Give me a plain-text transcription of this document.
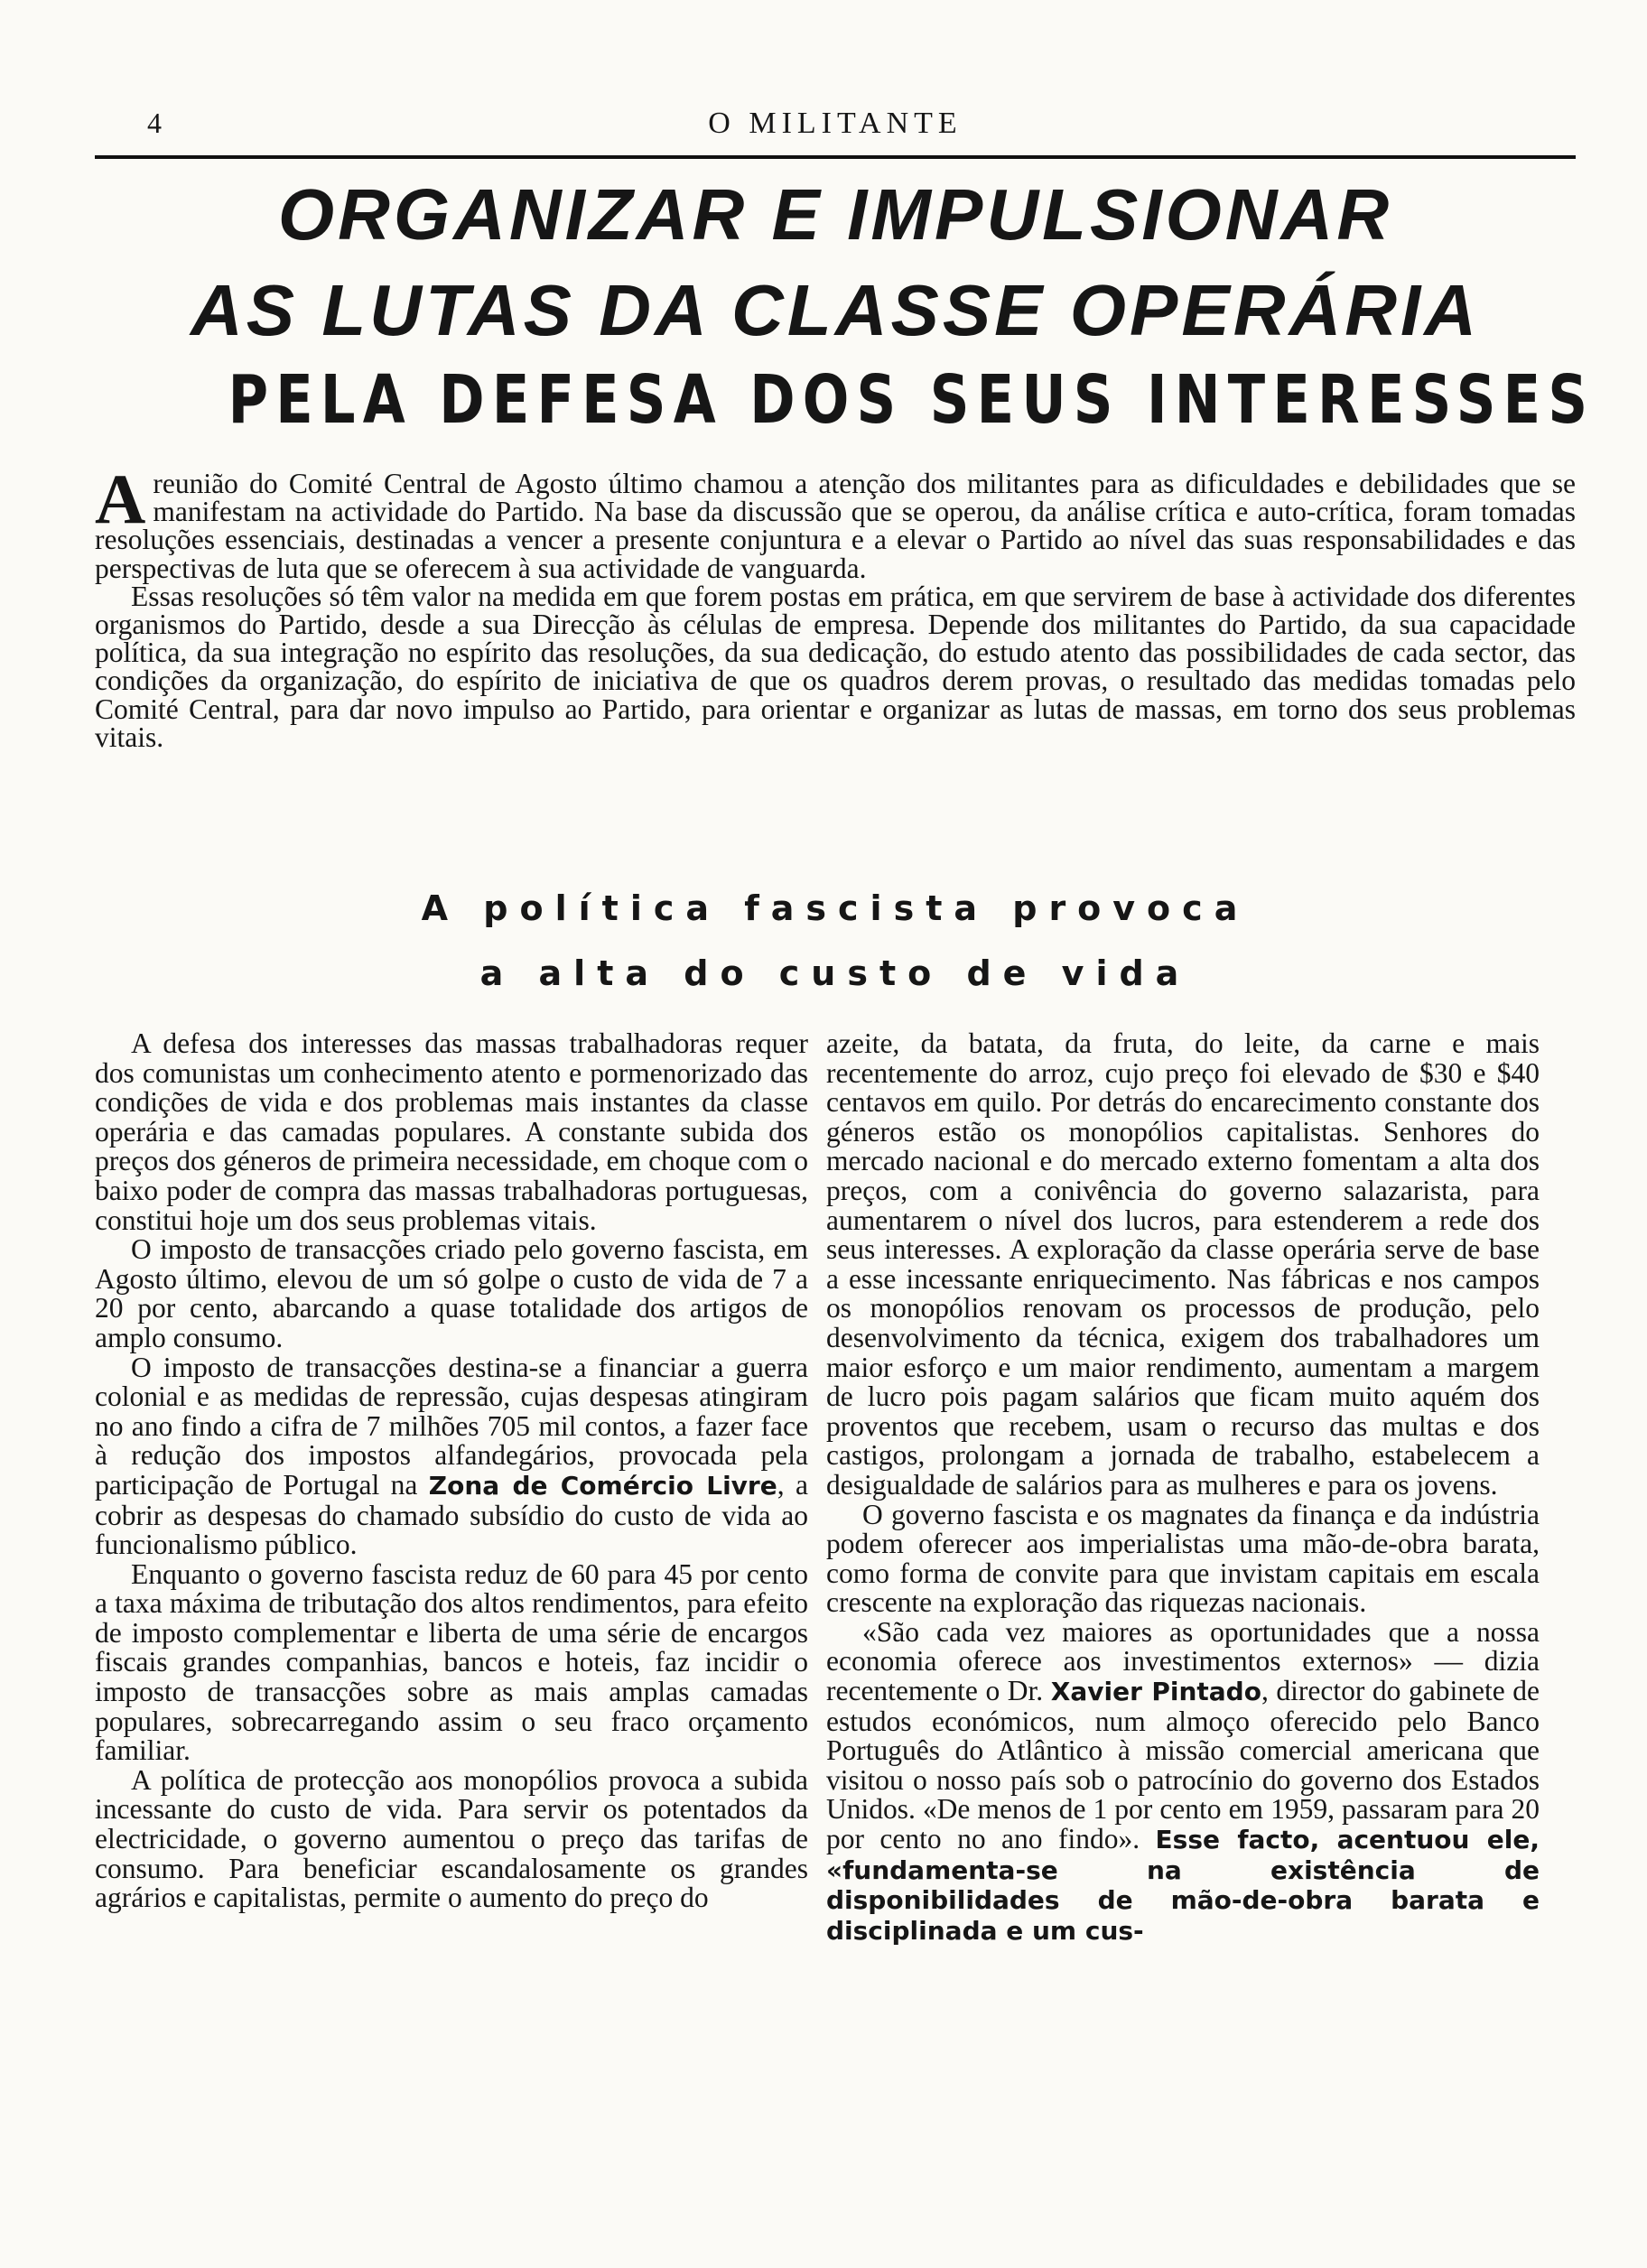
4	O MILITANTE
ORGANIZAR E IMPULSIONAR
AS LUTAS DA CLASSE OPERÁRIA
PELA DEFESA DOS SEUS INTERESSES

Areunião do Comité Central de Agosto último chamou a atenção dos militantes para as dificuldades e debilidades que se manifestam na actividade do Partido. Na base da discussão que se operou, da análise crítica e auto-crítica, foram tomadas resoluções essenciais, destinadas a vencer a presente conjuntura e a elevar o Partido ao nível das suas responsabilidades e das perspectivas de luta que se oferecem à sua actividade de vanguarda.

Essas resoluções só têm valor na medida em que forem postas em prática, em que servirem de base à actividade dos diferentes organismos do Partido, desde a sua Direcção às células de empresa. Depende dos militantes do Partido, da sua capacidade política, da sua integração no espírito das resoluções, da sua dedicação, do estudo atento das possibilidades de cada sector, das condições da organização, do espírito de iniciativa de que os quadros derem provas, o resultado das medidas tomadas pelo Comité Central, para dar novo impulso ao Partido, para orientar e organizar as lutas de massas, em torno dos seus problemas vitais.

A política fascista provoca
a alta do custo de vida

A defesa dos interesses das massas trabalhadoras requer dos comunistas um conhecimento atento e pormenorizado das condições de vida e dos problemas mais instantes da classe operária e das camadas populares. A constante subida dos preços dos géneros de primeira necessidade, em choque com o baixo poder de compra das massas trabalhadoras portuguesas, constitui hoje um dos seus problemas vitais.

O imposto de transacções criado pelo governo fascista, em Agosto último, elevou de um só golpe o custo de vida de 7 a 20 por cento, abarcando a quase totalidade dos artigos de amplo consumo.

O imposto de transacções destina-se a financiar a guerra colonial e as medidas de repressão, cujas despesas atingiram no ano findo a cifra de 7 milhões 705 mil contos, a fazer face à redução dos impostos alfandegários, provocada pela participação de Portugal na Zona de Comércio Livre, a cobrir as despesas do chamado subsídio do custo de vida ao funcionalismo público.

Enquanto o governo fascista reduz de 60 para 45 por cento a taxa máxima de tributação dos altos rendimentos, para efeito de imposto complementar e liberta de uma série de encargos fiscais grandes companhias, bancos e hoteis, faz incidir o imposto de transacções sobre as mais amplas camadas populares, sobrecarregando assim o seu fraco orçamento familiar.

A política de protecção aos monopólios provoca a subida incessante do custo de vida. Para servir os potentados da electricidade, o governo aumentou o preço das tarifas de consumo. Para beneficiar escandalosamente os grandes agrários e capitalistas, permite o aumento do preço do

azeite, da batata, da fruta, do leite, da carne e mais recentemente do arroz, cujo preço foi elevado de $30 e $40 centavos em quilo. Por detrás do encarecimento constante dos géneros estão os monopólios capitalistas. Senhores do mercado nacional e do mercado externo fomentam a alta dos preços, com a conivência do governo salazarista, para aumentarem o nível dos lucros, para estenderem a rede dos seus interesses. A exploração da classe operária serve de base a esse incessante enriquecimento. Nas fábricas e nos campos os monopólios renovam os processos de produção, pelo desenvolvimento da técnica, exigem dos trabalhadores um maior esforço e um maior rendimento, aumentam a margem de lucro pois pagam salários que ficam muito aquém dos proventos que recebem, usam o recurso das multas e dos castigos, prolongam a jornada de trabalho, estabelecem a desigualdade de salários para as mulheres e para os jovens.

O governo fascista e os magnates da finança e da indústria podem oferecer aos imperialistas uma mão-de-obra barata, como forma de convite para que invistam capitais em escala crescente na exploração das riquezas nacionais.

«São cada vez maiores as oportunidades que a nossa economia oferece aos investimentos externos» — dizia recentemente o Dr. Xavier Pintado, director do gabinete de estudos económicos, num almoço oferecido pelo Banco Português do Atlântico à missão comercial americana que visitou o nosso país sob o patrocínio do governo dos Estados Unidos. «De menos de 1 por cento em 1959, passaram para 20 por cento no ano findo». Esse facto, acentuou ele, «fundamenta-se na existência de disponibilidades de mão-de-obra barata e disciplinada e um cus-
